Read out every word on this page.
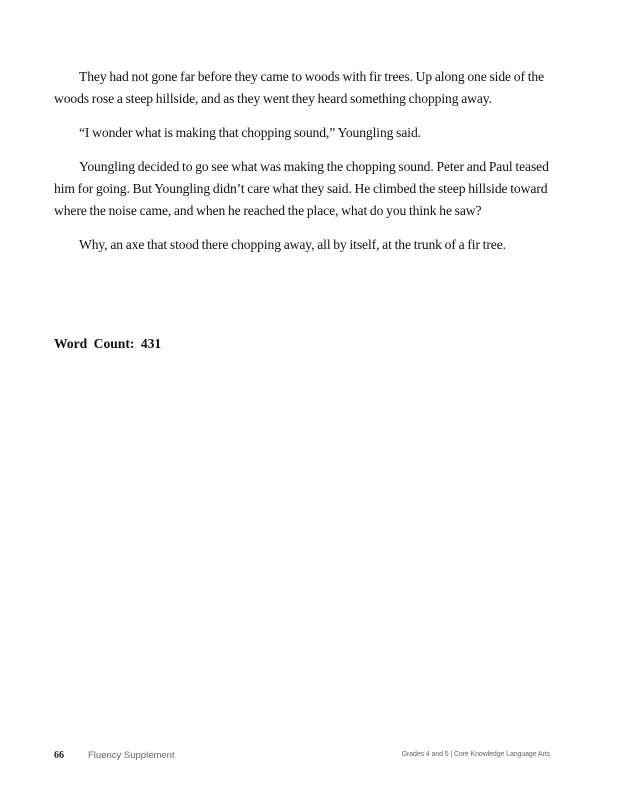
They had not gone far before they came to woods with fir trees. Up along one side of the woods rose a steep hillside, and as they went they heard something chopping away.

“I wonder what is making that chopping sound,” Youngling said.

Youngling decided to go see what was making the chopping sound. Peter and Paul teased him for going. But Youngling didn’t care what they said. He climbed the steep hillside toward where the noise came, and when he reached the place, what do you think he saw?

Why, an axe that stood there chopping away, all by itself, at the trunk of a fir tree.

Word Count: 431
66	Fluency Supplement	Grades 4 and 5 | Core Knowledge Language Arts
